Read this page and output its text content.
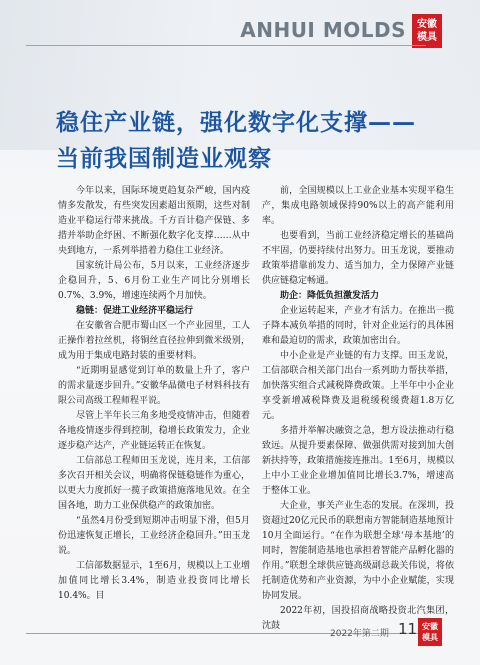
ANHUI MOLDS	安徽
模具
稳住产业链，强化数字化支撑——当前我国制造业观察

今年以来，国际环境更趋复杂严峻，国内疫情多发散发，有些突发因素超出预期，这些对制造业平稳运行带来挑战。千方百计稳产保链、多措并举助企纾困、不断强化数字化支撑……从中央到地方，一系列举措着力稳住工业经济。

国家统计局公布，5月以来，工业经济逐步企稳回升，5、6月份工业生产同比分别增长0.7%、3.9%，增速连续两个月加快。

稳链：促进工业经济平稳运行

在安徽省合肥市蜀山区一个产业园里，工人正操作着拉丝机，将铜丝直径拉伸到微米级别，成为用于集成电路封装的重要材料。

“近期明显感觉到订单的数量上升了，客户的需求量逐步回升。”安徽华晶微电子材料科技有限公司高级工程师程平说。

尽管上半年长三角多地受疫情冲击，但随着各地疫情逐步得到控制，稳增长政策发力，企业逐步稳产达产，产业链运转正在恢复。

工信部总工程师田玉龙说，连月来，工信部多次召开相关会议，明确将保链稳链作为重心，以更大力度抓好一揽子政策措施落地见效。在全国各地，助力工业保供稳产的政策加密。

“虽然4月份受到短期冲击明显下滑，但5月份迅速恢复正增长，工业经济企稳回升。”田玉龙说。

工信部数据显示，1至6月，规模以上工业增加值同比增长3.4%，制造业投资同比增长10.4%。目

前，全国规模以上工业企业基本实现平稳生产，集成电路领域保持90%以上的高产能利用率。

也要看到，当前工业经济稳定增长的基础尚不牢固，仍要持续付出努力。田玉龙说，要推动政策举措靠前发力、适当加力，全力保障产业链供应链稳定畅通。

助企：降低负担激发活力

企业运转起来，产业才有活力。在推出一揽子降本减负举措的同时，针对企业运行的具体困难和最迫切的需求，政策加密出台。

中小企业是产业链的有力支撑。田玉龙说，工信部联合相关部门出台一系列助力帮扶举措，加快落实组合式减税降费政策。上半年中小企业享受新增减税降费及退税缓税缓费超1.8万亿元。

多措并举解决融资之急，想方设法推动行稳致远。从提升要素保障、做强供需对接到加大创新扶持等，政策措施接连推出。1至6月，规模以上中小工业企业增加值同比增长3.7%，增速高于整体工业。

大企业，事关产业生态的发展。在深圳，投资超过20亿元民币的联想南方智能制造基地预计10月全面运行。“在作为联想全球‘母本基地’的同时，智能制造基地也承担着智能产品孵化器的作用。”联想全球供应链高级副总裁关伟说，将依托制造优势和产业资源，为中小企业赋能，实现协同发展。

2022年初，国投招商战略投资北汽集团，沈鼓

2022年第二期 11 安徽
模具
